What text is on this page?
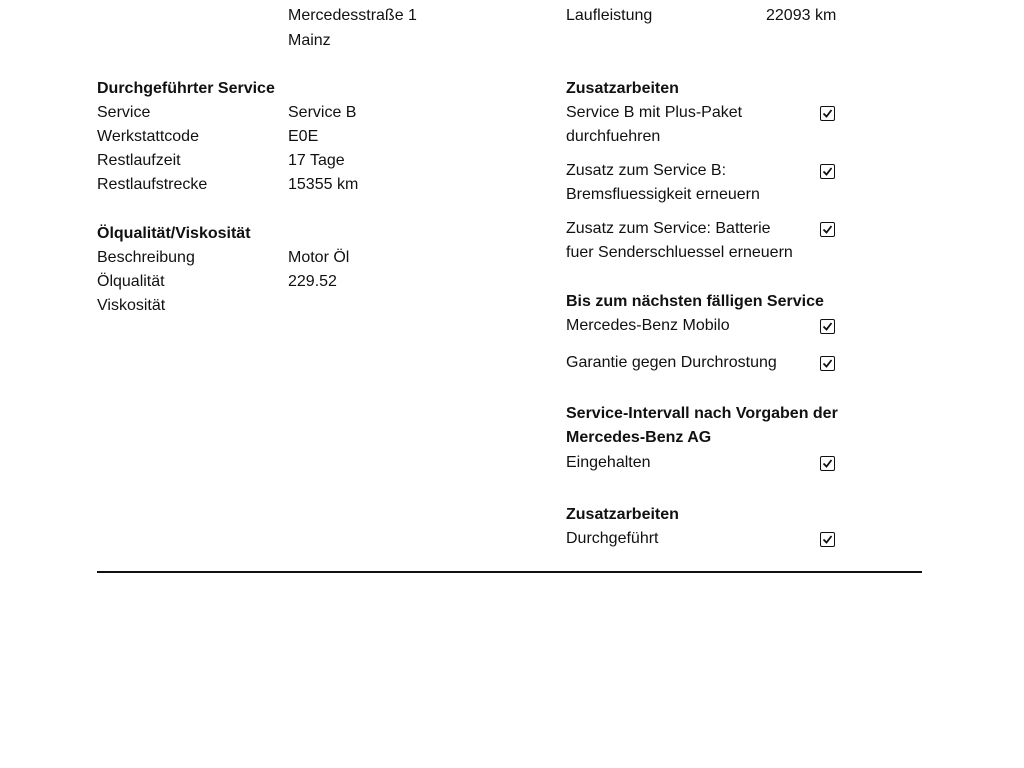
Mercedesstraße 1
Mainz
Laufleistung	22093 km
Durchgeführter Service
Service	Service B
Werkstattcode	E0E
Restlaufzeit	17 Tage
Restlaufstrecke	15355 km
Ölqualität/Viskosität
Beschreibung	Motor Öl
Ölqualität	229.52
Viskosität
Zusatzarbeiten
Service B mit Plus-Paket
durchfuehren
Zusatz zum Service B:
Bremsfluessigkeit erneuern
Zusatz zum Service: Batterie
fuer Senderschluessel erneuern
Bis zum nächsten fälligen Service
Mercedes-Benz Mobilo
Garantie gegen Durchrostung
Service-Intervall nach Vorgaben der
Mercedes-Benz AG
Eingehalten
Zusatzarbeiten
Durchgeführt
